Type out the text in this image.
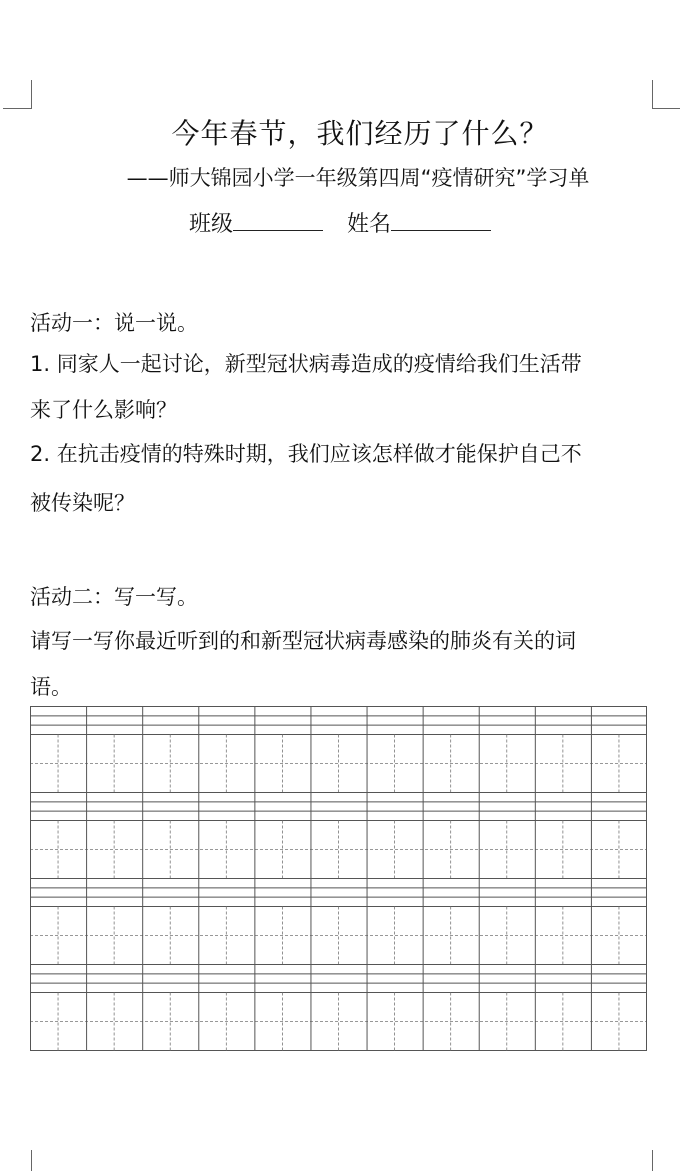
今年春节，我们经历了什么？
——师大锦园小学一年级第四周“疫情研究”学习单
班级	姓名
活动一：说一说。
1. 同家人一起讨论，新型冠状病毒造成的疫情给我们生活带
来了什么影响？
2. 在抗击疫情的特殊时期，我们应该怎样做才能保护自己不
被传染呢？
活动二：写一写。
请写一写你最近听到的和新型冠状病毒感染的肺炎有关的词
语。
